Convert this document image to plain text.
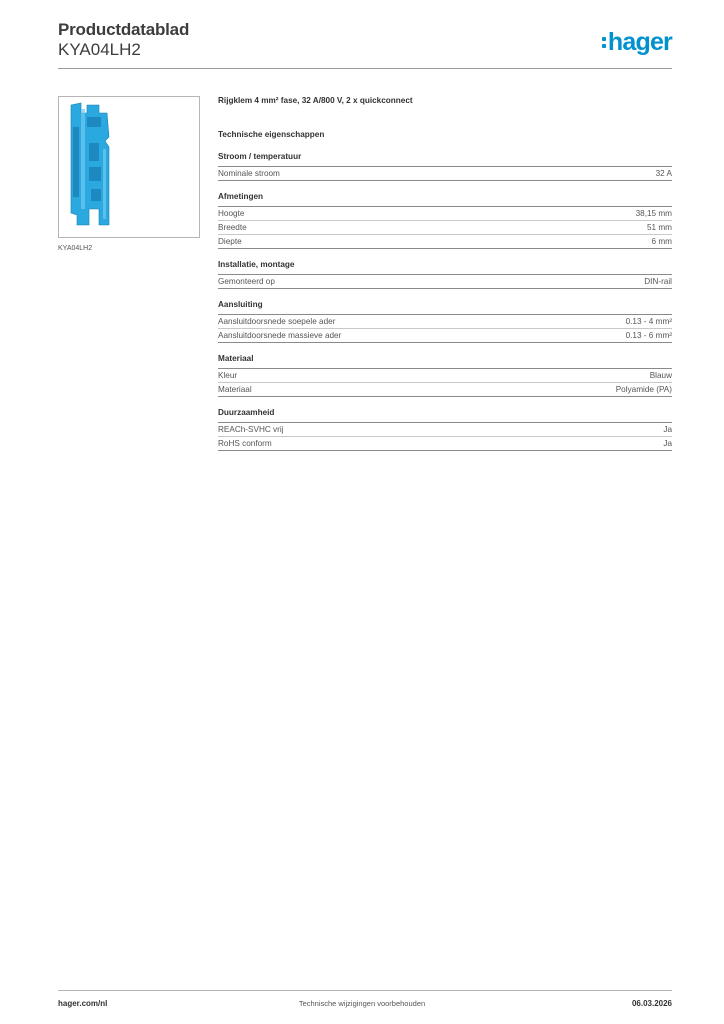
Productdatablad
KYA04LH2	hager
KYA04LH2
Rijgklem 4 mm² fase, 32 A/800 V, 2 x quickconnect
Technische eigenschappen
Stroom / temperatuur
Nominale stroom	32 A
Afmetingen
Hoogte	38,15 mm
Breedte	51 mm
Diepte	6 mm
Installatie, montage
Gemonteerd op	DIN-rail
Aansluiting
Aansluitdoorsnede soepele ader	0.13 - 4 mm²
Aansluitdoorsnede massieve ader	0.13 - 6 mm²
Materiaal
Kleur	Blauw
Materiaal	Polyamide (PA)
Duurzaamheid
REACh-SVHC vrij	Ja
RoHS conform	Ja
hager.com/nl	Technische wijzigingen voorbehouden	06.03.2026
